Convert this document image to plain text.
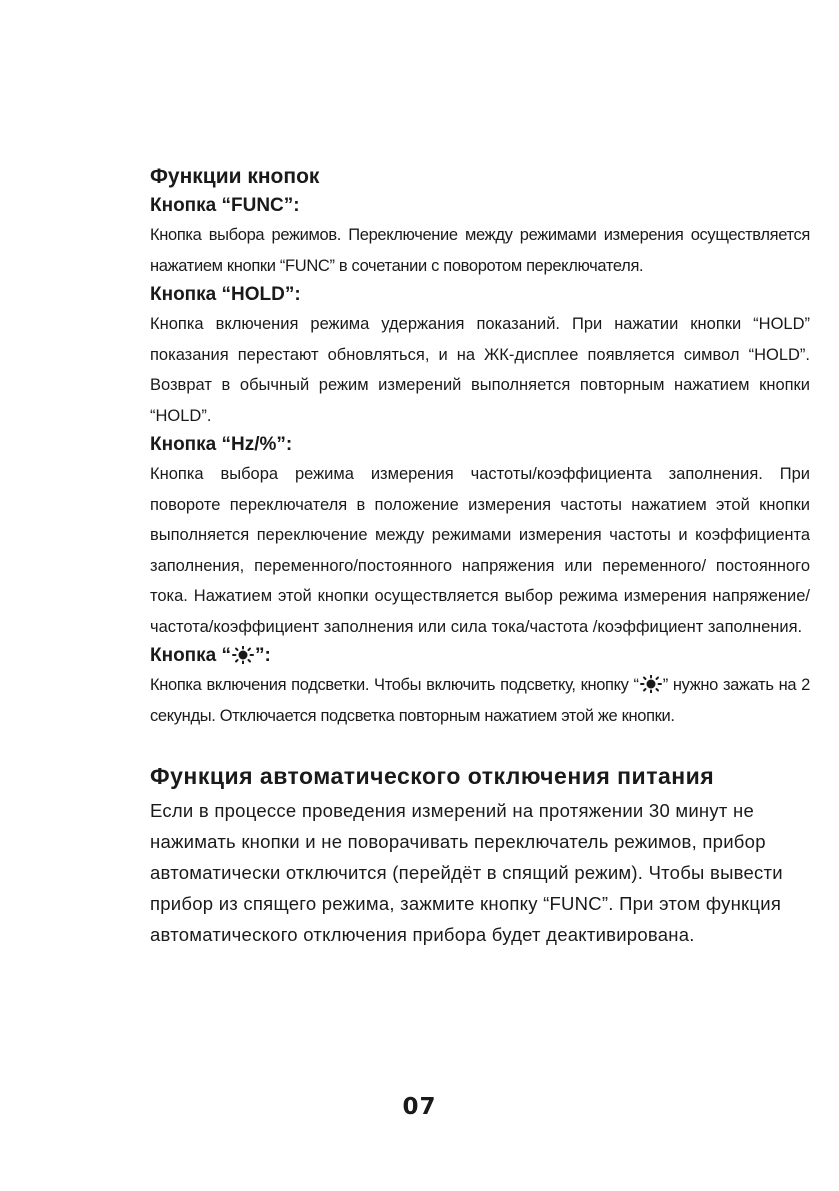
Функции кнопок
Кнопка “FUNC”:

Кнопка выбора режимов. Переключение между режимами измерения осуществляется нажатием кнопки “FUNC” в сочетании с поворотом переключателя.

Кнопка “HOLD”:

Кнопка включения режима удержания показаний. При нажатии кнопки “HOLD” показания перестают обновляться, и на ЖК-дисплее появляется символ “HOLD”. Возврат в обычный режим измерений выполняется повторным нажатием кнопки “HOLD”.

Кнопка “Hz/%”:

Кнопка выбора режима измерения частоты/коэффициента заполнения. При повороте переключателя в положение измерения частоты нажатием этой кнопки выполняется переключение между режимами измерения частоты и коэффициента заполнения, переменного/постоянного напряжения или переменного/ постоянного тока. Нажатием этой кнопки осуществляется выбор режима измерения напряжение/частота/коэффициент заполнения или сила тока/частота /коэффициент заполнения.

Кнопка “ ”:

Кнопка включения подсветки. Чтобы включить подсветку, кнопку “ ” нужно зажать на 2 секунды. Отключается подсветка повторным нажатием этой же кнопки.

Функция автоматического отключения питания

Если в процессе проведения измерений на протяжении 30 минут не нажимать кнопки и не поворачивать переключатель режимов, прибор автоматически отключится (перейдёт в спящий режим). Чтобы вывести прибор из спящего режима, зажмите кнопку “FUNC”. При этом функция автоматического отключения прибора будет деактивирована.

07
